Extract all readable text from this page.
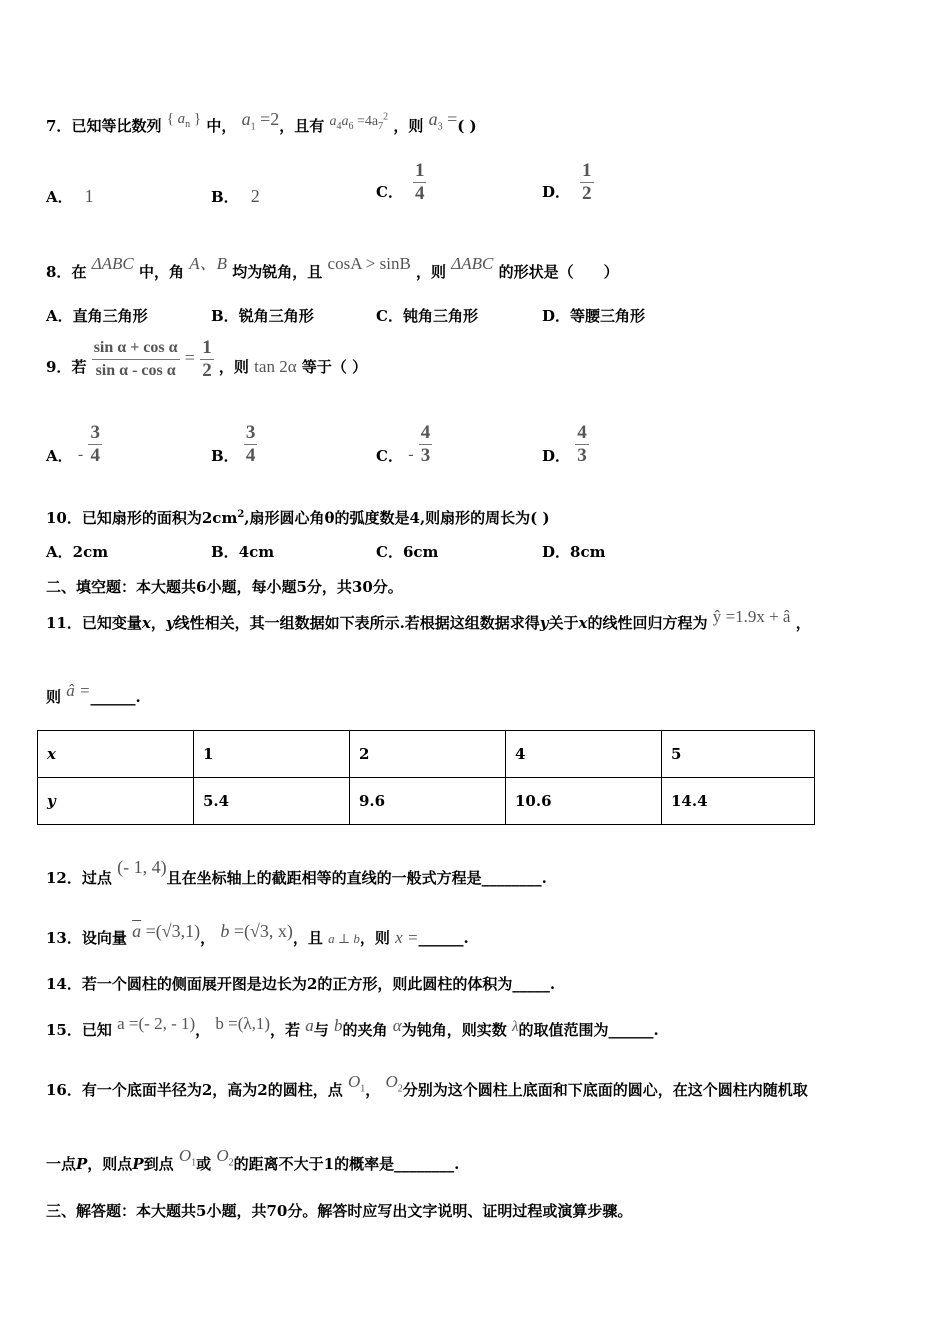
7．已知等比数列 { $a_n$ } 中， $a_1 =2$，且有 $a_4a_6 =4a_7^2$ ，则 $a_3$ =( )
A． 1	B． 2	C． $\frac{1}{4}$	D． $\frac{1}{2}$
8．在 ΔABC 中，角 A、B 均为锐角，且 cosA > sinB ，则 ΔABC 的形状是（　　）
A．直角三角形	B．锐角三角形	C．钝角三角形	D．等腰三角形
9．若 $\frac{\text{sin α + cos α}}{\text{sin α - cos α}} = \frac{1}{2}$ ，则 tan 2α 等于（ ）
A． - $\frac{3}{4}$	B． $\frac{3}{4}$	C． - $\frac{4}{3}$	D． $\frac{4}{3}$
10．已知扇形的面积为$2cm^2$,扇形圆心角θ的弧度数是4,则扇形的周长为( )
A．2cm	B．4cm	C．6cm	D．8cm
二、填空题：本大题共6小题，每小题5分，共30分。
11．已知变量x，y线性相关，其一组数据如下表所示.若根据这组数据求得y关于x的线性回归方程为 ŷ =1.9x + â ，
则 â =______.
x	1	2	4	5
y	5.4	9.6	10.6	14.4
12．过点 (- 1, 4)且在坐标轴上的截距相等的直线的一般式方程是________.
13．设向量 $\overline{a} =(√3,1)$， b =(√3, x)，且 a ⊥ b，则 x =______.
14．若一个圆柱的侧面展开图是边长为2的正方形，则此圆柱的体积为_____.
15．已知 a =(- 2, - 1)， b =(λ,1)，若 a与 b的夹角 α为钝角，则实数 λ的取值范围为______.
16．有一个底面半径为2，高为2的圆柱，点 $O_1$， $O_2$分别为这个圆柱上底面和下底面的圆心，在这个圆柱内随机取
一点P，则点P到点 $O_1$或 $O_2$的距离不大于1的概率是________.
三、解答题：本大题共5小题，共70分。解答时应写出文字说明、证明过程或演算步骤。
